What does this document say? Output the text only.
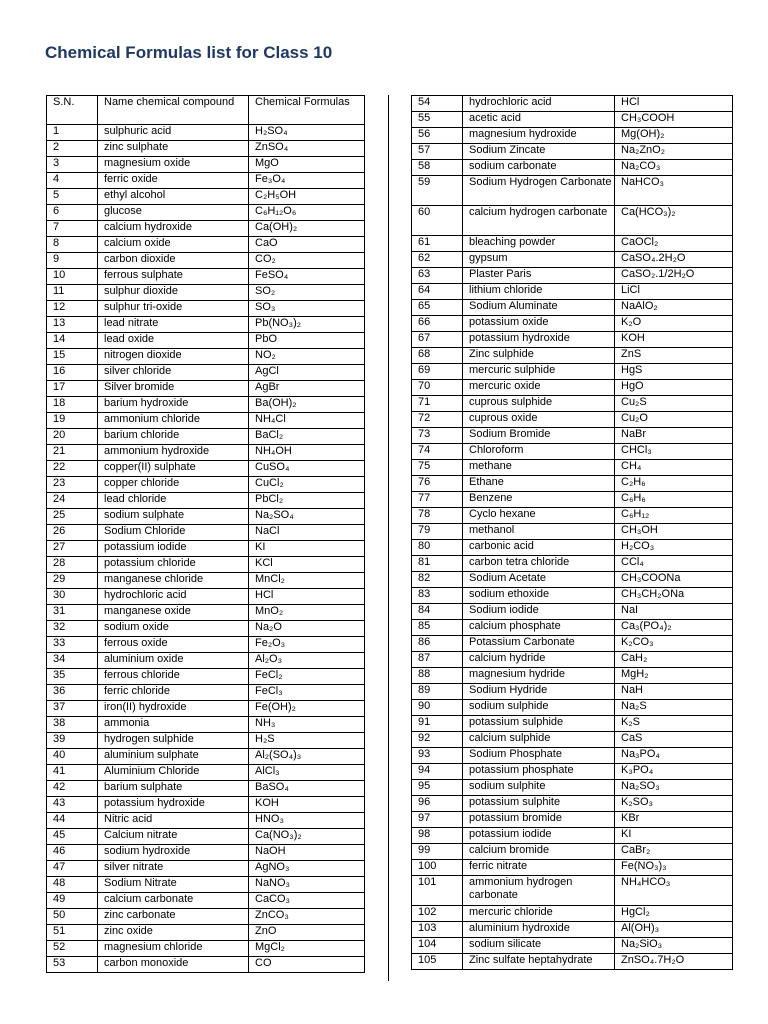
Chemical Formulas list for Class 10
S.N.	Name chemical compound	Chemical Formulas
1	sulphuric acid	H₂SO₄
2	zinc sulphate	ZnSO₄
3	magnesium oxide	MgO
4	ferric oxide	Fe₃O₄
5	ethyl alcohol	C₂H₅OH
6	glucose	C₆H₁₂O₆
7	calcium hydroxide	Ca(OH)₂
8	calcium oxide	CaO
9	carbon dioxide	CO₂
10	ferrous sulphate	FeSO₄
11	sulphur dioxide	SO₂
12	sulphur tri-oxide	SO₃
13	lead nitrate	Pb(NO₃)₂
14	lead oxide	PbO
15	nitrogen dioxide	NO₂
16	silver chloride	AgCl
17	Silver bromide	AgBr
18	barium hydroxide	Ba(OH)₂
19	ammonium chloride	NH₄Cl
20	barium chloride	BaCl₂
21	ammonium hydroxide	NH₄OH
22	copper(II) sulphate	CuSO₄
23	copper chloride	CuCl₂
24	lead chloride	PbCl₂
25	sodium sulphate	Na₂SO₄
26	Sodium Chloride	NaCl
27	potassium iodide	KI
28	potassium chloride	KCl
29	manganese chloride	MnCl₂
30	hydrochloric acid	HCl
31	manganese oxide	MnO₂
32	sodium oxide	Na₂O
33	ferrous oxide	Fe₂O₃
34	aluminium oxide	Al₂O₃
35	ferrous chloride	FeCl₂
36	ferric chloride	FeCl₃
37	iron(II) hydroxide	Fe(OH)₂
38	ammonia	NH₃
39	hydrogen sulphide	H₂S
40	aluminium sulphate	Al₂(SO₄)₃
41	Aluminium Chloride	AlCl₃
42	barium sulphate	BaSO₄
43	potassium hydroxide	KOH
44	Nitric acid	HNO₃
45	Calcium nitrate	Ca(NO₃)₂
46	sodium hydroxide	NaOH
47	silver nitrate	AgNO₃
48	Sodium Nitrate	NaNO₃
49	calcium carbonate	CaCO₃
50	zinc carbonate	ZnCO₃
51	zinc oxide	ZnO
52	magnesium chloride	MgCl₂
53	carbon monoxide	CO
54	hydrochloric acid	HCl
55	acetic acid	CH₃COOH
56	magnesium hydroxide	Mg(OH)₂
57	Sodium Zincate	Na₂ZnO₂
58	sodium carbonate	Na₂CO₃
59	Sodium Hydrogen Carbonate	NaHCO₃
60	calcium hydrogen carbonate	Ca(HCO₃)₂
61	bleaching powder	CaOCl₂
62	gypsum	CaSO₄.2H₂O
63	Plaster Paris	CaSO₂.1/2H₂O
64	lithium chloride	LiCl
65	Sodium Aluminate	NaAlO₂
66	potassium oxide	K₂O
67	potassium hydroxide	KOH
68	Zinc sulphide	ZnS
69	mercuric sulphide	HgS
70	mercuric oxide	HgO
71	cuprous sulphide	Cu₂S
72	cuprous oxide	Cu₂O
73	Sodium Bromide	NaBr
74	Chloroform	CHCl₃
75	methane	CH₄
76	Ethane	C₂H₆
77	Benzene	C₆H₆
78	Cyclo hexane	C₆H₁₂
79	methanol	CH₃OH
80	carbonic acid	H₂CO₃
81	carbon tetra chloride	CCl₄
82	Sodium Acetate	CH₃COONa
83	sodium ethoxide	CH₃CH₂ONa
84	Sodium iodide	NaI
85	calcium phosphate	Ca₃(PO₄)₂
86	Potassium Carbonate	K₂CO₃
87	calcium hydride	CaH₂
88	magnesium hydride	MgH₂
89	Sodium Hydride	NaH
90	sodium sulphide	Na₂S
91	potassium sulphide	K₂S
92	calcium sulphide	CaS
93	Sodium Phosphate	Na₃PO₄
94	potassium phosphate	K₃PO₄
95	sodium sulphite	Na₂SO₃
96	potassium sulphite	K₂SO₃
97	potassium bromide	KBr
98	potassium iodide	KI
99	calcium bromide	CaBr₂
100	ferric nitrate	Fe(NO₃)₃
101	ammonium hydrogen carbonate	NH₄HCO₃
102	mercuric chloride	HgCl₂
103	aluminium hydroxide	Al(OH)₃
104	sodium silicate	Na₂SiO₃
105	Zinc sulfate heptahydrate	ZnSO₄.7H₂O
